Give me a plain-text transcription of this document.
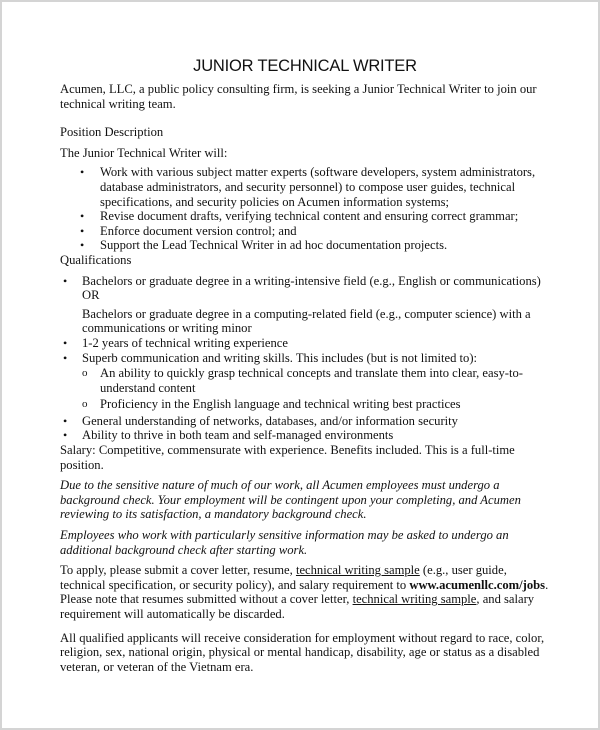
JUNIOR TECHNICAL WRITER

Acumen, LLC, a public policy consulting firm, is seeking a Junior Technical Writer to join our technical writing team.

Position Description

The Junior Technical Writer will:

• Work with various subject matter experts (software developers, system administrators, database administrators, and security personnel) to compose user guides, technical specifications, and security policies on Acumen information systems;
• Revise document drafts, verifying technical content and ensuring correct grammar;
• Enforce document version control; and
• Support the Lead Technical Writer in ad hoc documentation projects.

Qualifications

• Bachelors or graduate degree in a writing-intensive field (e.g., English or communications)
OR
Bachelors or graduate degree in a computing-related field (e.g., computer science) with a communications or writing minor
• 1-2 years of technical writing experience
• Superb communication and writing skills. This includes (but is not limited to):
o An ability to quickly grasp technical concepts and translate them into clear, easy-to-understand content
o Proficiency in the English language and technical writing best practices
• General understanding of networks, databases, and/or information security
• Ability to thrive in both team and self-managed environments

Salary: Competitive, commensurate with experience. Benefits included. This is a full-time position.

Due to the sensitive nature of much of our work, all Acumen employees must undergo a background check. Your employment will be contingent upon your completing, and Acumen reviewing to its satisfaction, a mandatory background check.

Employees who work with particularly sensitive information may be asked to undergo an additional background check after starting work.

To apply, please submit a cover letter, resume, technical writing sample (e.g., user guide, technical specification, or security policy), and salary requirement to www.acumenllc.com/jobs. Please note that resumes submitted without a cover letter, technical writing sample, and salary requirement will automatically be discarded.

All qualified applicants will receive consideration for employment without regard to race, color, religion, sex, national origin, physical or mental handicap, disability, age or status as a disabled veteran, or veteran of the Vietnam era.
